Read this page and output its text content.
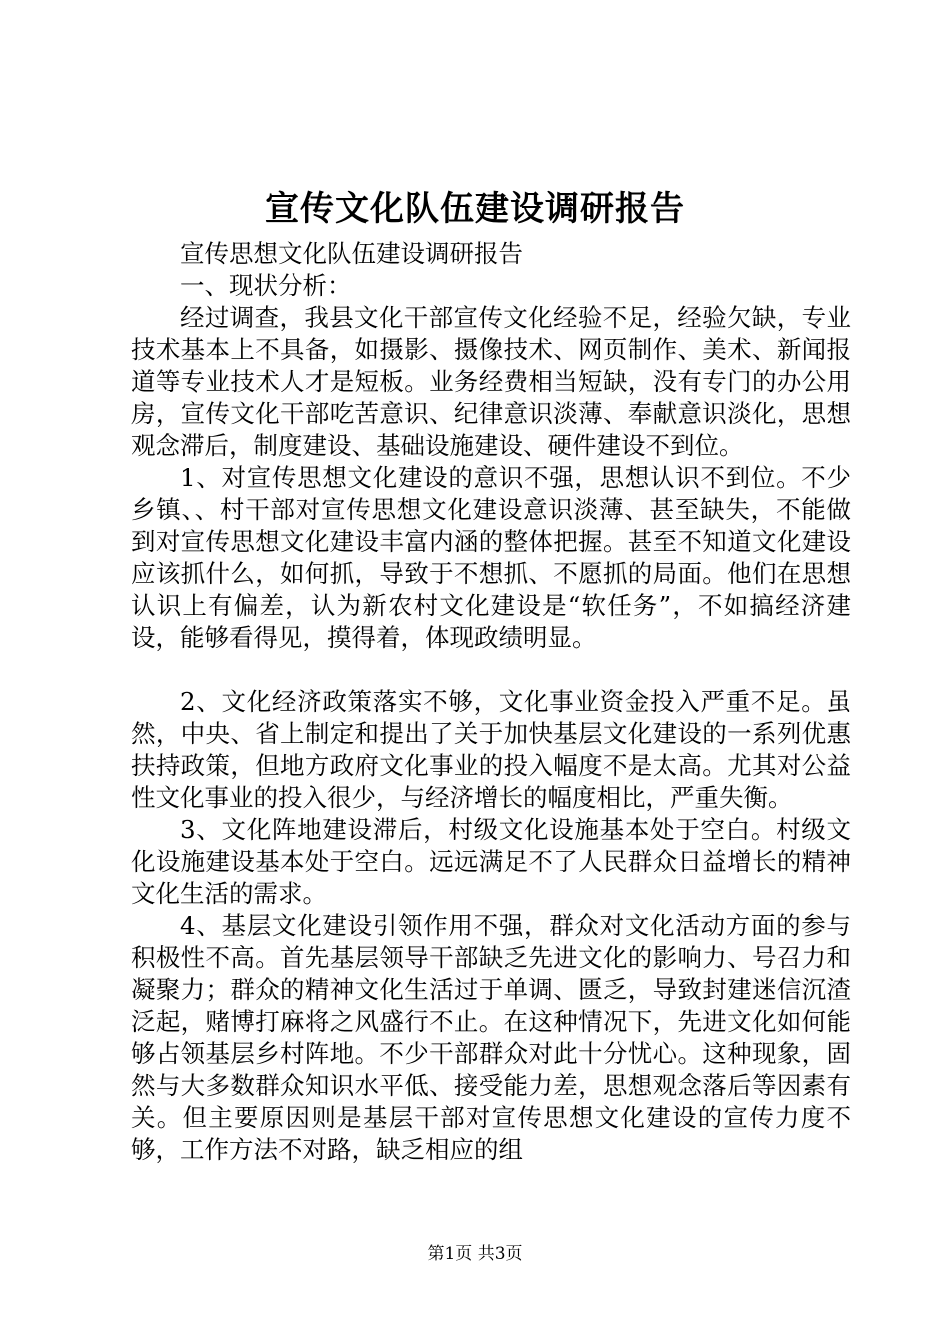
宣传文化队伍建设调研报告

宣传思想文化队伍建设调研报告

一、现状分析：

经过调查，我县文化干部宣传文化经验不足，经验欠缺，专业技术基本上不具备，如摄影、摄像技术、网页制作、美术、新闻报道等专业技术人才是短板。业务经费相当短缺，没有专门的办公用房，宣传文化干部吃苦意识、纪律意识淡薄、奉献意识淡化，思想观念滞后，制度建设、基础设施建设、硬件建设不到位。

1、对宣传思想文化建设的意识不强，思想认识不到位。不少乡镇、、村干部对宣传思想文化建设意识淡薄、甚至缺失，不能做到对宣传思想文化建设丰富内涵的整体把握。甚至不知道文化建设应该抓什么，如何抓，导致于不想抓、不愿抓的局面。他们在思想认识上有偏差，认为新农村文化建设是“软任务”，不如搞经济建设，能够看得见，摸得着，体现政绩明显。

2、文化经济政策落实不够，文化事业资金投入严重不足。虽然，中央、省上制定和提出了关于加快基层文化建设的一系列优惠扶持政策，但地方政府文化事业的投入幅度不是太高。尤其对公益性文化事业的投入很少，与经济增长的幅度相比，严重失衡。

3、文化阵地建设滞后，村级文化设施基本处于空白。村级文化设施建设基本处于空白。远远满足不了人民群众日益增长的精神文化生活的需求。

4、基层文化建设引领作用不强，群众对文化活动方面的参与积极性不高。首先基层领导干部缺乏先进文化的影响力、号召力和凝聚力；群众的精神文化生活过于单调、匮乏，导致封建迷信沉渣泛起，赌博打麻将之风盛行不止。在这种情况下，先进文化如何能够占领基层乡村阵地。不少干部群众对此十分忧心。这种现象，固然与大多数群众知识水平低、接受能力差，思想观念落后等因素有关。但主要原因则是基层干部对宣传思想文化建设的宣传力度不够，工作方法不对路，缺乏相应的组

第1页 共3页
